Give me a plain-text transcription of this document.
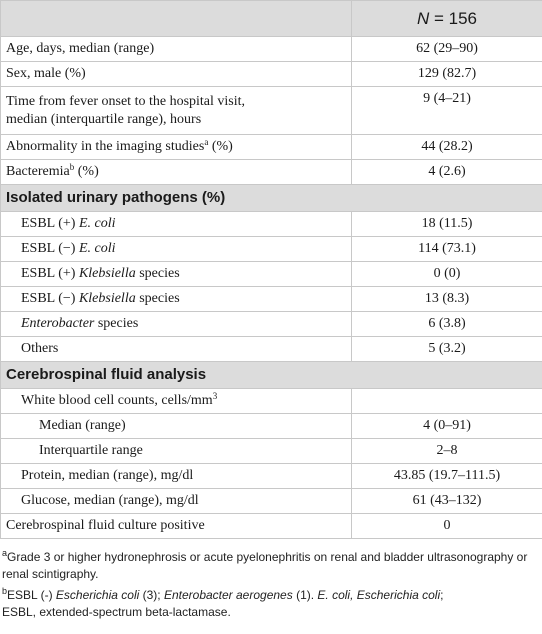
	N = 156
Age, days, median (range)	62 (29–90)
Sex, male (%)	129 (82.7)
Time from fever onset to the hospital visit,
median (interquartile range), hours	9 (4–21)
Abnormality in the imaging studies$^a$ (%)	44 (28.2)
Bacteremia$^b$ (%)	4 (2.6)
Isolated urinary pathogens (%)	
ESBL (+) E. coli	18 (11.5)
ESBL (−) E. coli	114 (73.1)
ESBL (+) Klebsiella species	0 (0)
ESBL (−) Klebsiella species	13 (8.3)
Enterobacter species	6 (3.8)
Others	5 (3.2)
Cerebrospinal fluid analysis	
White blood cell counts, cells/$mm^3$	
Median (range)	4 (0–91)
Interquartile range	2–8
Protein, median (range), mg/dl	43.85 (19.7–111.5)
Glucose, median (range), mg/dl	61 (43–132)
Cerebrospinal fluid culture positive	0

$^a$Grade 3 or higher hydronephrosis or acute pyelonephritis on renal and bladder ultrasonography or renal scintigraphy.

$^b$ESBL (-) Escherichia coli (3); Enterobacter aerogenes (1). E. coli, Escherichia coli;
ESBL, extended-spectrum beta-lactamase.
